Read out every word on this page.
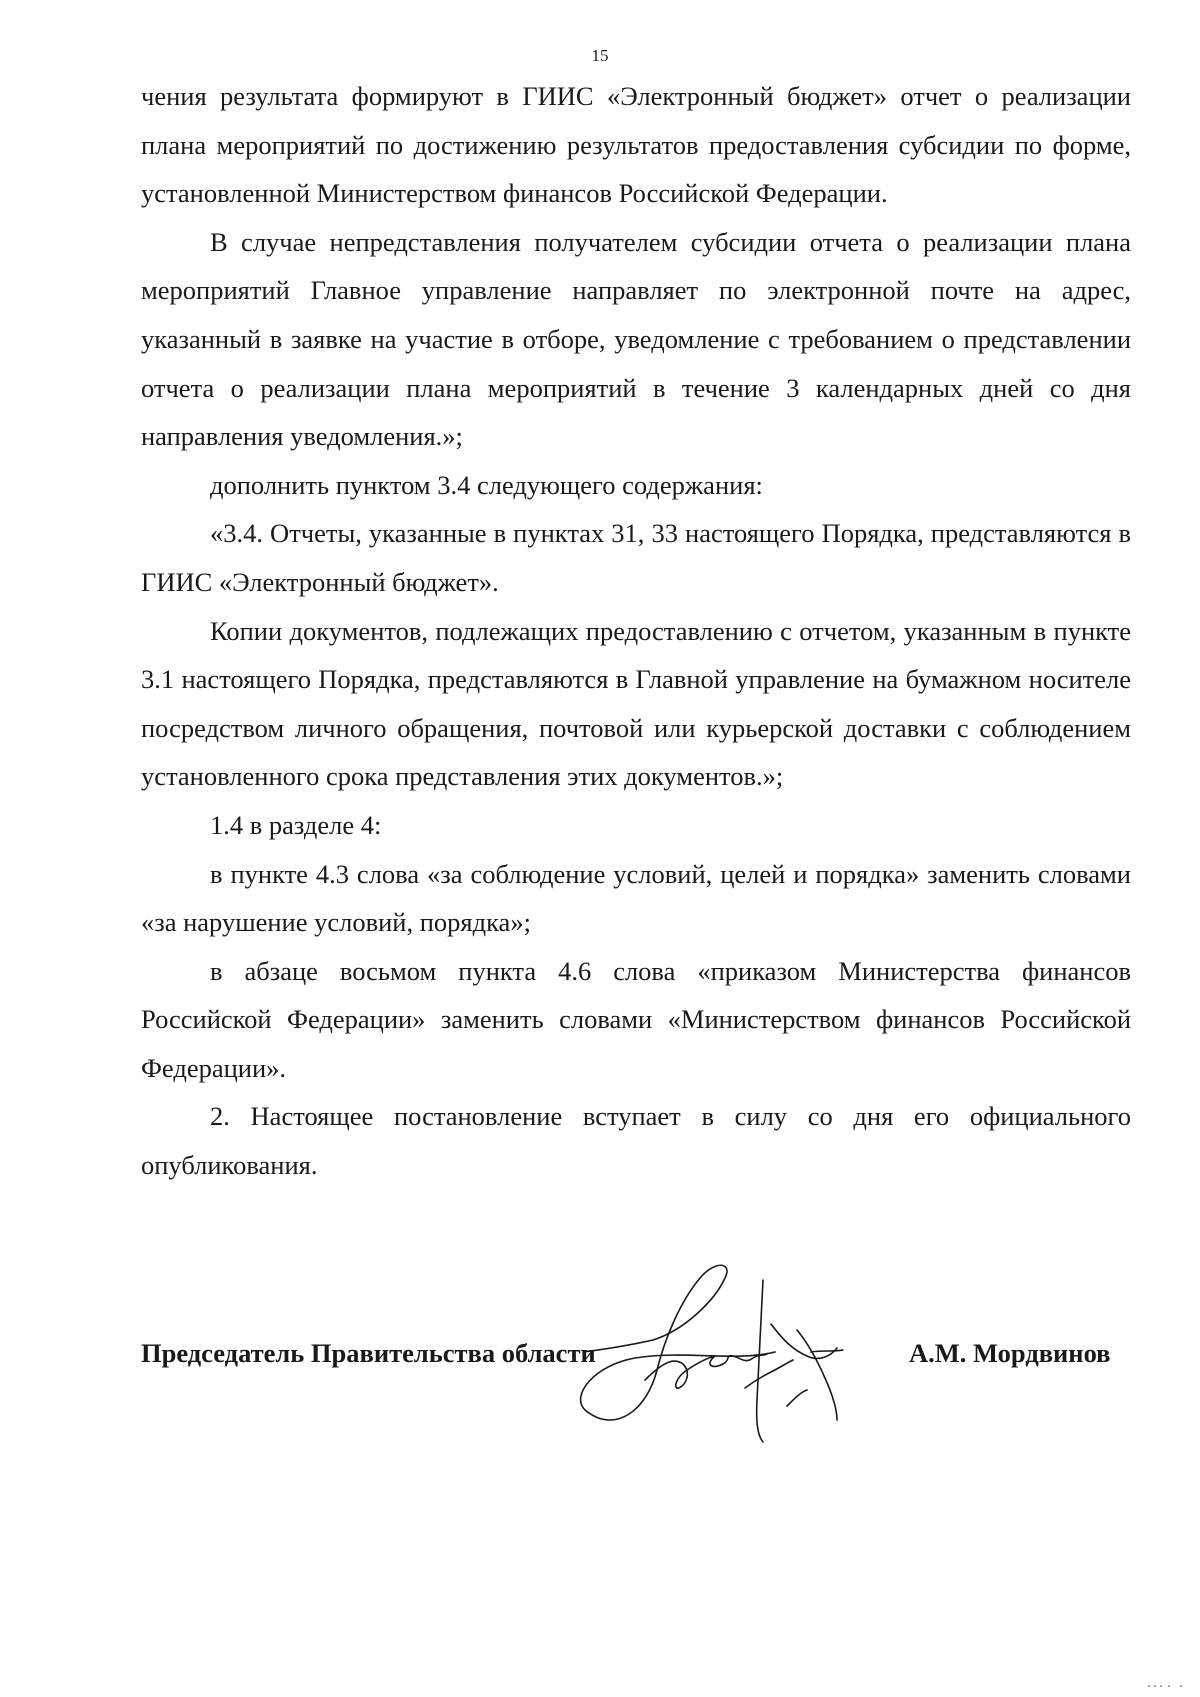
15

чения результата формируют в ГИИС «Электронный бюджет» отчет о реализации плана мероприятий по достижению результатов предоставления субсидии по форме, установленной Министерством финансов Российской Федерации.

В случае непредставления получателем субсидии отчета о реализации плана мероприятий Главное управление направляет по электронной почте на адрес, указанный в заявке на участие в отборе, уведомление с требованием о представлении отчета о реализации плана мероприятий в течение 3 календарных дней со дня направления уведомления.»;

дополнить пунктом 3.4 следующего содержания:

«3.4. Отчеты, указанные в пунктах 31, 33 настоящего Порядка, представляются в ГИИС «Электронный бюджет».

Копии документов, подлежащих предоставлению с отчетом, указанным в пункте 3.1 настоящего Порядка, представляются в Главной управление на бумажном носителе посредством личного обращения, почтовой или курьерской доставки с соблюдением установленного срока представления этих документов.»;

1.4 в разделе 4:

в пункте 4.3 слова «за соблюдение условий, целей и порядка» заменить словами «за нарушение условий, порядка»;

в абзаце восьмом пункта 4.6 слова «приказом Министерства финансов Российской Федерации» заменить словами «Министерством финансов Российской Федерации».

2. Настоящее постановление вступает в силу со дня его официального опубликования.

Председатель Правительства области	А.М. Мордвинов
